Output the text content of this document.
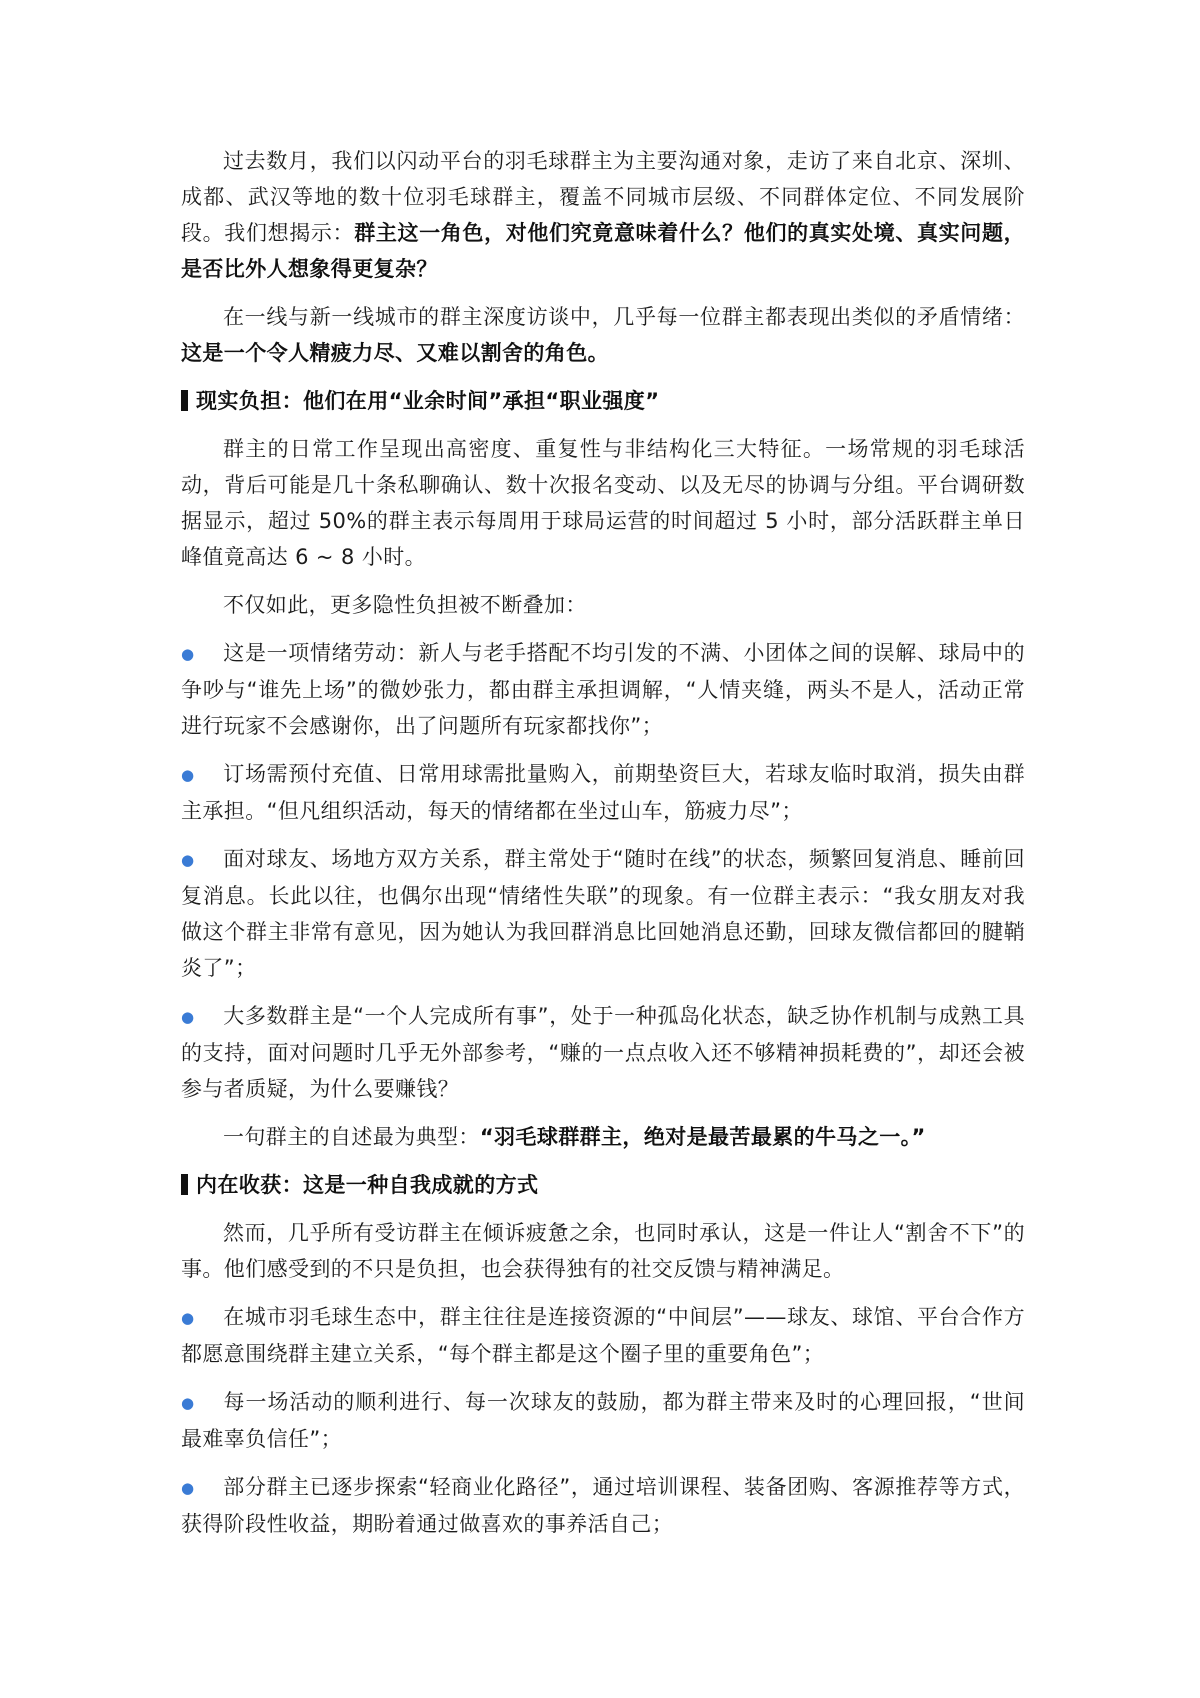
过去数月，我们以闪动平台的羽毛球群主为主要沟通对象，走访了来自北京、深圳、成都、武汉等地的数十位羽毛球群主，覆盖不同城市层级、不同群体定位、不同发展阶段。我们想揭示：群主这一角色，对他们究竟意味着什么？他们的真实处境、真实问题，是否比外人想象得更复杂？

在一线与新一线城市的群主深度访谈中，几乎每一位群主都表现出类似的矛盾情绪：这是一个令人精疲力尽、又难以割舍的角色。

现实负担：他们在用“业余时间”承担“职业强度”

群主的日常工作呈现出高密度、重复性与非结构化三大特征。一场常规的羽毛球活动，背后可能是几十条私聊确认、数十次报名变动、以及无尽的协调与分组。平台调研数据显示，超过 50%的群主表示每周用于球局运营的时间超过 5 小时，部分活跃群主单日峰值竟高达 6 ~ 8 小时。

不仅如此，更多隐性负担被不断叠加：

● 这是一项情绪劳动：新人与老手搭配不均引发的不满、小团体之间的误解、球局中的争吵与“谁先上场”的微妙张力，都由群主承担调解，“人情夹缝，两头不是人，活动正常进行玩家不会感谢你，出了问题所有玩家都找你”；

● 订场需预付充值、日常用球需批量购入，前期垫资巨大，若球友临时取消，损失由群主承担。“但凡组织活动，每天的情绪都在坐过山车，筋疲力尽”；

● 面对球友、场地方双方关系，群主常处于“随时在线”的状态，频繁回复消息、睡前回复消息。长此以往，也偶尔出现“情绪性失联”的现象。有一位群主表示：“我女朋友对我做这个群主非常有意见，因为她认为我回群消息比回她消息还勤，回球友微信都回的腱鞘炎了”；

● 大多数群主是“一个人完成所有事”，处于一种孤岛化状态，缺乏协作机制与成熟工具的支持，面对问题时几乎无外部参考，“赚的一点点收入还不够精神损耗费的”，却还会被参与者质疑，为什么要赚钱？

一句群主的自述最为典型：“羽毛球群群主，绝对是最苦最累的牛马之一。”

内在收获：这是一种自我成就的方式

然而，几乎所有受访群主在倾诉疲惫之余，也同时承认，这是一件让人“割舍不下”的事。他们感受到的不只是负担，也会获得独有的社交反馈与精神满足。

● 在城市羽毛球生态中，群主往往是连接资源的“中间层”——球友、球馆、平台合作方都愿意围绕群主建立关系，“每个群主都是这个圈子里的重要角色”；

● 每一场活动的顺利进行、每一次球友的鼓励，都为群主带来及时的心理回报，“世间最难辜负信任”；

● 部分群主已逐步探索“轻商业化路径”，通过培训课程、装备团购、客源推荐等方式，获得阶段性收益，期盼着通过做喜欢的事养活自己；
